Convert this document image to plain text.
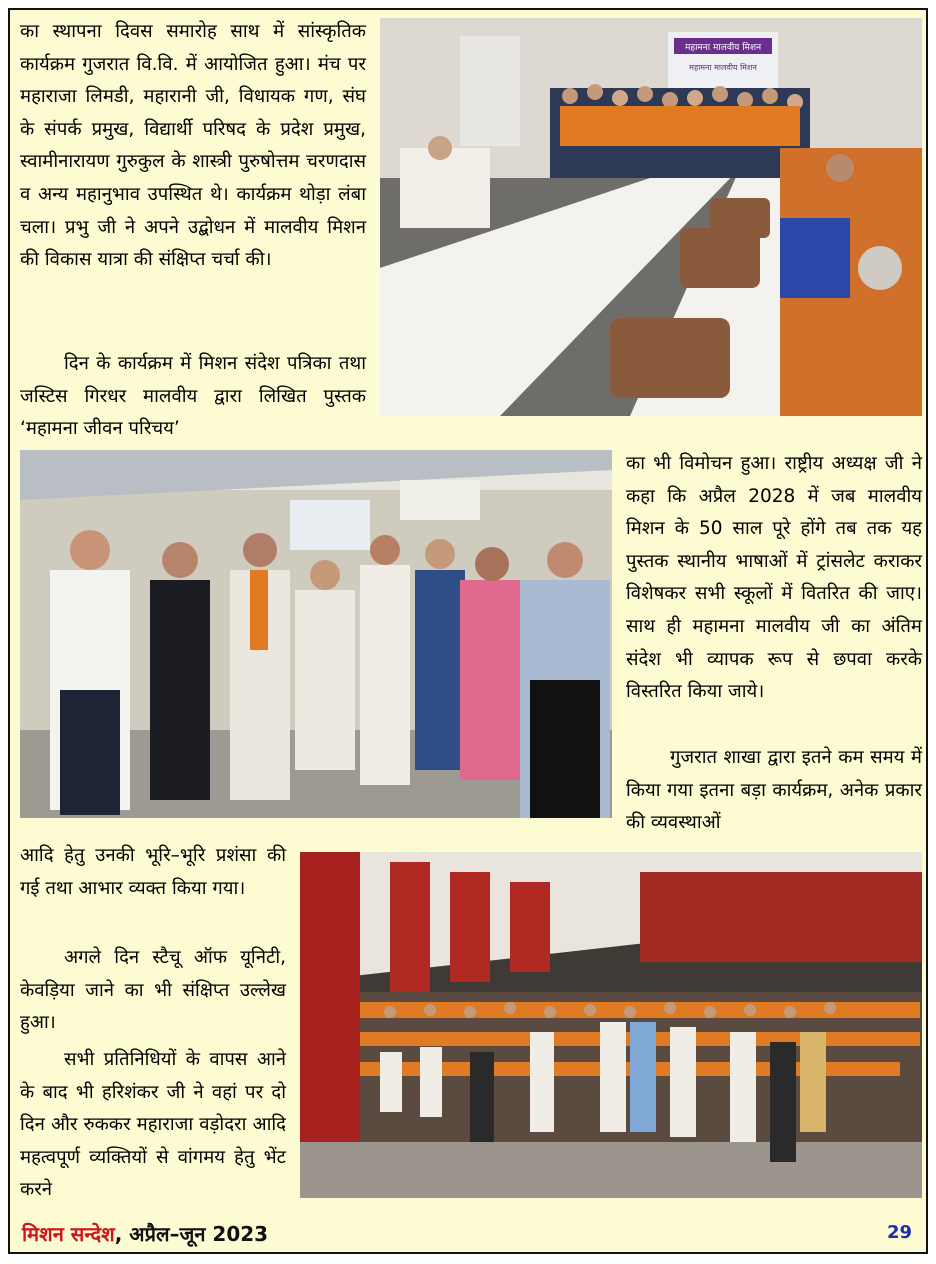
का स्थापना दिवस समारोह साथ में सांस्कृतिक कार्यक्रम गुजरात वि.वि. में आयोजित हुआ। मंच पर महाराजा लिमडी, महारानी जी, विधायक गण, संघ के संपर्क प्रमुख, विद्यार्थी परिषद के प्रदेश प्रमुख, स्वामीनारायण गुरुकुल के शास्त्री पुरुषोत्तम चरणदास व अन्य महानुभाव उपस्थित थे। कार्यक्रम थोड़ा लंबा चला। प्रभु जी ने अपने उद्बोधन में मालवीय मिशन की विकास यात्रा की संक्षिप्त चर्चा की।

दिन के कार्यक्रम में मिशन संदेश पत्रिका तथा जस्टिस गिरधर मालवीय द्वारा लिखित पुस्तक ‘महामना जीवन परिचय’

महामना मालवीय मिशन
महामना मालवीय मिशन

का भी विमोचन हुआ। राष्ट्रीय अध्यक्ष जी ने कहा कि अप्रैल 2028 में जब मालवीय मिशन के 50 साल पूरे होंगे तब तक यह पुस्तक स्थानीय भाषाओं में ट्रांसलेट कराकर विशेषकर सभी स्कूलों में वितरित की जाए। साथ ही महामना मालवीय जी का अंतिम संदेश भी व्यापक रूप से छपवा करके विस्तरित किया जाये।

गुजरात शाखा द्वारा इतने कम समय में किया गया इतना बड़ा कार्यक्रम, अनेक प्रकार की व्यवस्थाओं

आदि हेतु उनकी भूरि–भूरि प्रशंसा की गई तथा आभार व्यक्त किया गया।

अगले दिन स्टैचू ऑफ यूनिटी, केवड़िया जाने का भी संक्षिप्त उल्लेख हुआ।

सभी प्रतिनिधियों के वापस आने के बाद भी हरिशंकर जी ने वहां पर दो दिन और रुककर महाराजा वड़ोदरा आदि महत्वपूर्ण व्यक्तियों से वांगमय हेतु भेंट करने

मिशन सन्देश, अप्रैल–जून 2023	29
